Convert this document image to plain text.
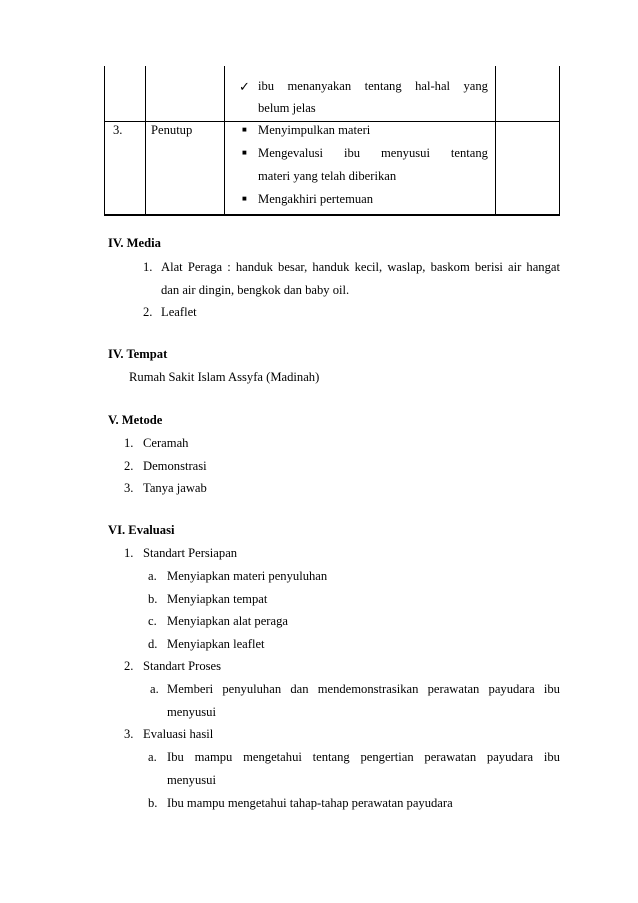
✓ ibu menanyakan tentang hal-hal yang
belum jelas
3. Penutup	■ Menyimpulkan materi
■ Mengevalusi ibu menyusui tentang
materi yang telah diberikan
■ Mengakhiri pertemuan
IV. Media
1. Alat Peraga : handuk besar, handuk kecil, waslap, baskom berisi air hangat
dan air dingin, bengkok dan baby oil.
2. Leaflet
IV. Tempat
Rumah Sakit Islam Assyfa (Madinah)
V. Metode
1. Ceramah
2. Demonstrasi
3. Tanya jawab
VI. Evaluasi
1. Standart Persiapan
a. Menyiapkan materi penyuluhan
b. Menyiapkan tempat
c. Menyiapkan alat peraga
d. Menyiapkan leaflet
2. Standart Proses
a. Memberi penyuluhan dan mendemonstrasikan perawatan payudara ibu
menyusui
3. Evaluasi hasil
a. Ibu mampu mengetahui tentang pengertian perawatan payudara ibu
menyusui
b. Ibu mampu mengetahui tahap-tahap perawatan payudara
